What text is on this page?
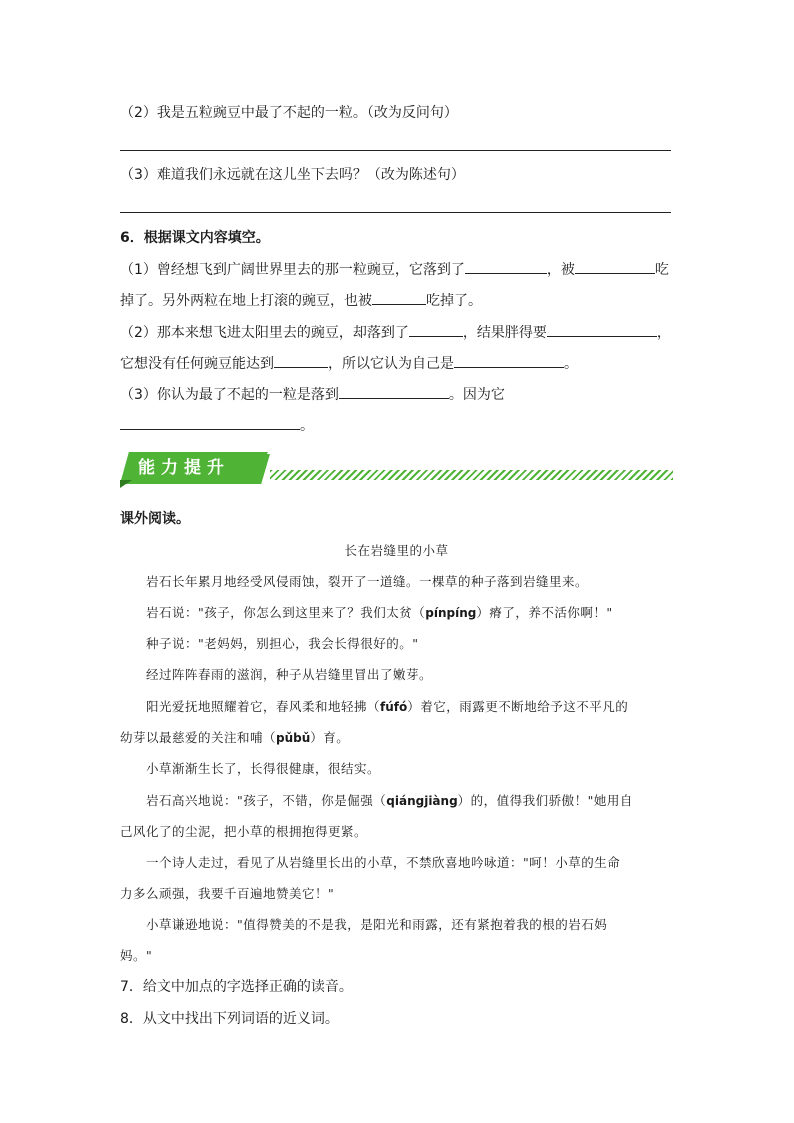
（2）我是五粒豌豆中最了不起的一粒。（改为反问句）
（3）难道我们永远就在这儿坐下去吗？（改为陈述句）
6．根据课文内容填空。
（1）曾经想飞到广阔世界里去的那一粒豌豆，它落到了	，被	吃
掉了。另外两粒在地上打滚的豌豆，也被	吃掉了。
（2）那本来想飞进太阳里去的豌豆，却落到了	，结果胖得要	，
它想没有任何豌豆能达到	，所以它认为自己是	。
（3）你认为最了不起的一粒是落到	。因为它
。
能力提升
课外阅读。
长在岩缝里的小草
岩石长年累月地经受风侵雨蚀，裂开了一道缝。一棵草的种子落到岩缝里来。
岩石说："孩子，你怎么到这里来了？我们太贫（pínpíng）瘠了，养不活你啊！"
种子说："老妈妈，别担心，我会长得很好的。"
经过阵阵春雨的滋润，种子从岩缝里冒出了嫩芽。
阳光爱抚地照耀着它，春风柔和地轻拂（fúfó）着它，雨露更不断地给予这不平凡的
幼芽以最慈爱的关注和哺（pǔbǔ）育。
小草渐渐生长了，长得很健康，很结实。
岩石高兴地说："孩子，不错，你是倔强（qiángjiàng）的，值得我们骄傲！"她用自
己风化了的尘泥，把小草的根拥抱得更紧。
一个诗人走过，看见了从岩缝里长出的小草，不禁欣喜地吟咏道："呵！小草的生命
力多么顽强，我要千百遍地赞美它！"
小草谦逊地说："值得赞美的不是我，是阳光和雨露，还有紧抱着我的根的岩石妈
妈。"
7．给文中加点的字选择正确的读音。
8．从文中找出下列词语的近义词。
